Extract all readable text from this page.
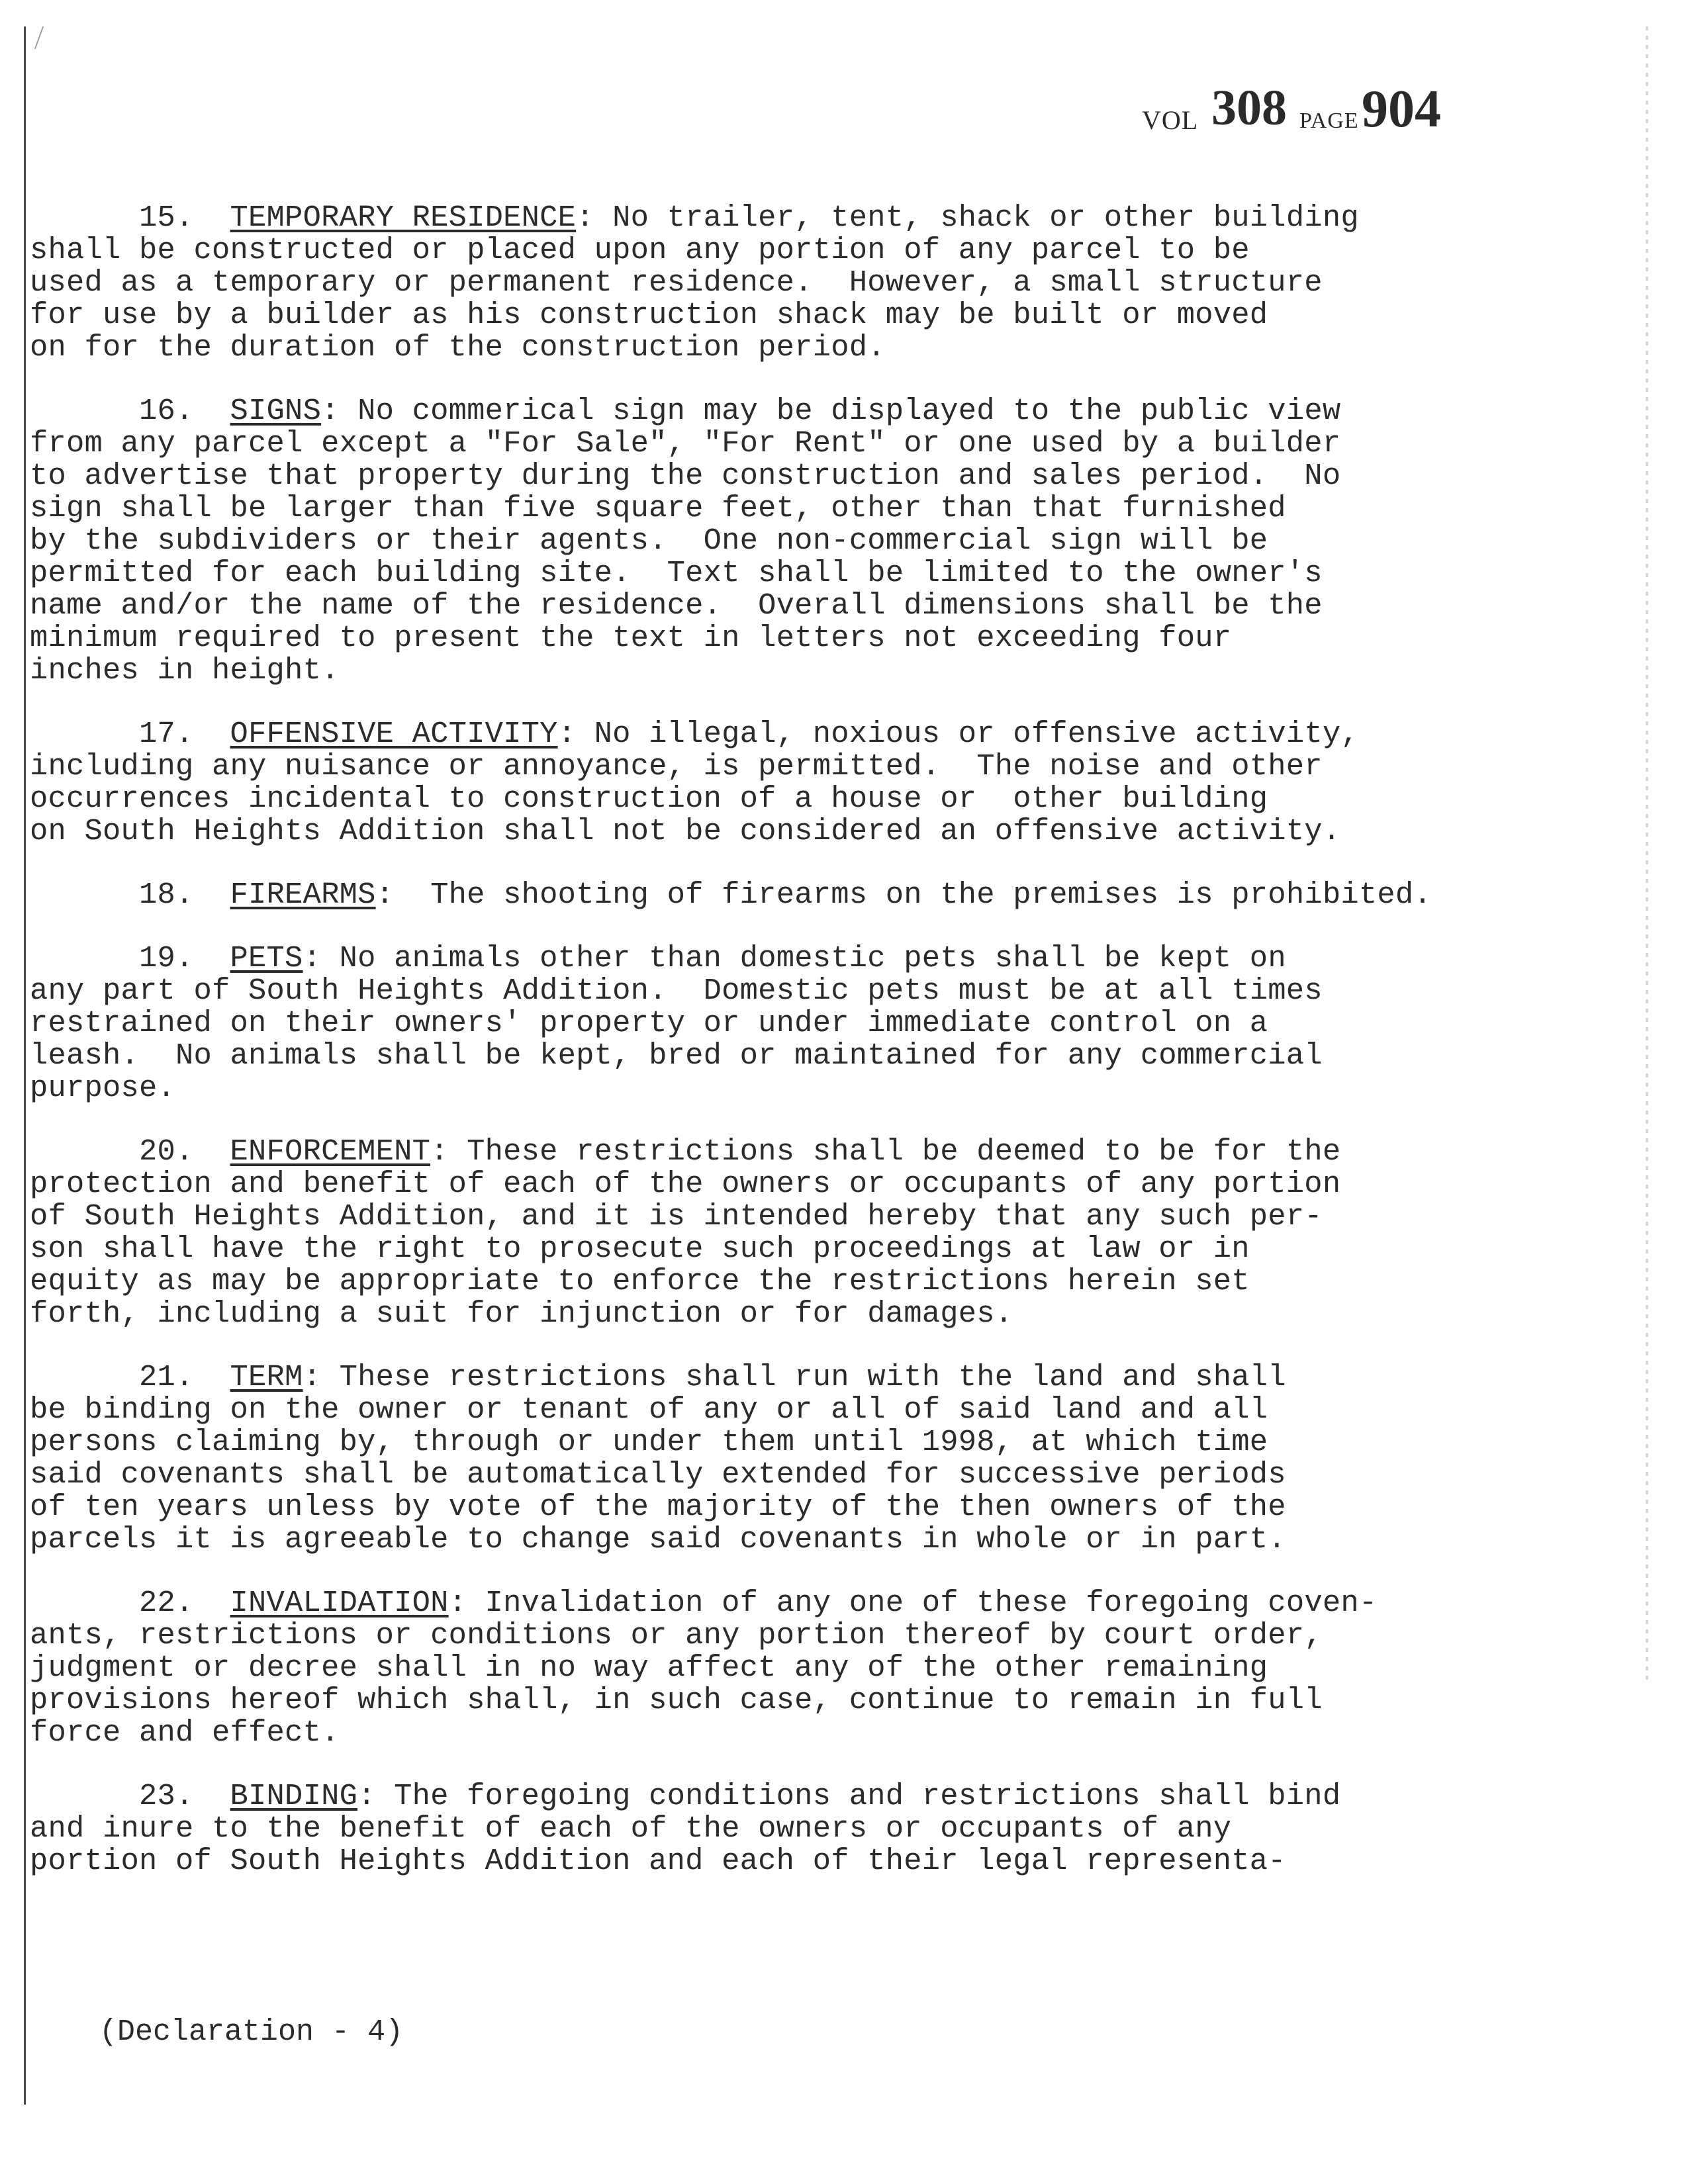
VOL 308 PAGE 904
15. TEMPORARY RESIDENCE: No trailer, tent, shack or other building
shall be constructed or placed upon any portion of any parcel to be
used as a temporary or permanent residence.  However, a small structure
for use by a builder as his construction shack may be built or moved
on for the duration of the construction period.
16. SIGNS: No commerical sign may be displayed to the public view
from any parcel except a "For Sale", "For Rent" or one used by a builder
to advertise that property during the construction and sales period.  No
sign shall be larger than five square feet, other than that furnished
by the subdividers or their agents.  One non-commercial sign will be
permitted for each building site.  Text shall be limited to the owner's
name and/or the name of the residence.  Overall dimensions shall be the
minimum required to present the text in letters not exceeding four
inches in height.
17. OFFENSIVE ACTIVITY: No illegal, noxious or offensive activity,
including any nuisance or annoyance, is permitted.  The noise and other
occurrences incidental to construction of a house or  other building
on South Heights Addition shall not be considered an offensive activity.
18. FIREARMS:  The shooting of firearms on the premises is prohibited.
19. PETS: No animals other than domestic pets shall be kept on
any part of South Heights Addition.  Domestic pets must be at all times
restrained on their owners' property or under immediate control on a
leash.  No animals shall be kept, bred or maintained for any commercial
purpose.
20. ENFORCEMENT: These restrictions shall be deemed to be for the
protection and benefit of each of the owners or occupants of any portion
of South Heights Addition, and it is intended hereby that any such per-
son shall have the right to prosecute such proceedings at law or in
equity as may be appropriate to enforce the restrictions herein set
forth, including a suit for injunction or for damages.
21. TERM: These restrictions shall run with the land and shall
be binding on the owner or tenant of any or all of said land and all
persons claiming by, through or under them until 1998, at which time
said covenants shall be automatically extended for successive periods
of ten years unless by vote of the majority of the then owners of the
parcels it is agreeable to change said covenants in whole or in part.
22. INVALIDATION: Invalidation of any one of these foregoing coven-
ants, restrictions or conditions or any portion thereof by court order,
judgment or decree shall in no way affect any of the other remaining
provisions hereof which shall, in such case, continue to remain in full
force and effect.
23. BINDING: The foregoing conditions and restrictions shall bind
and inure to the benefit of each of the owners or occupants of any
portion of South Heights Addition and each of their legal representa-
(Declaration - 4)
